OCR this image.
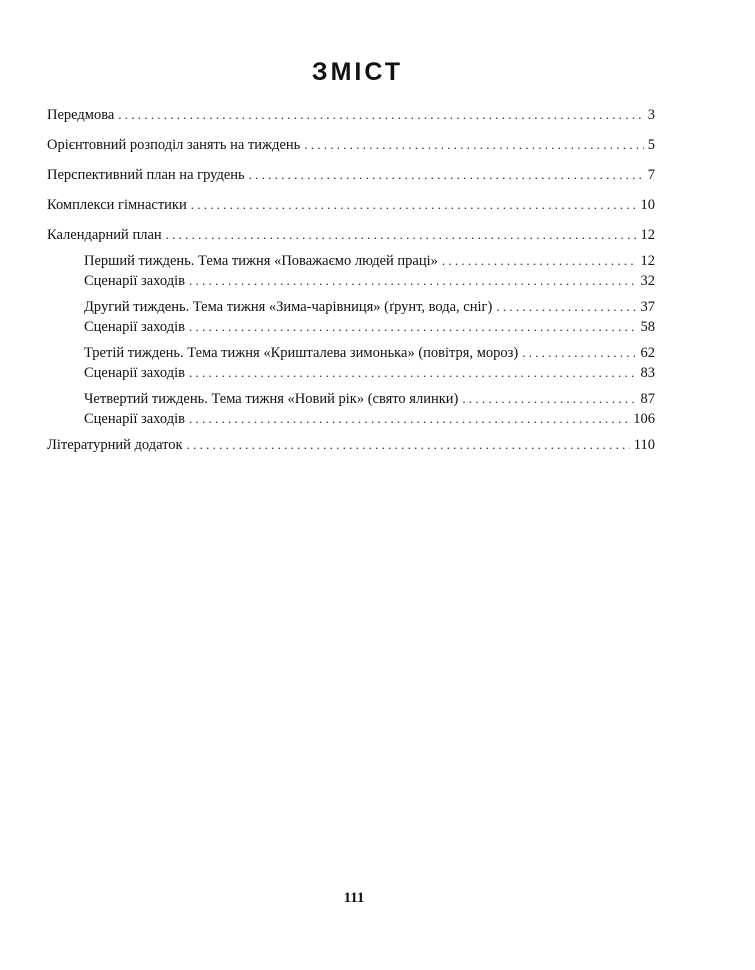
ЗМІСТ
Передмова . . .	3
Орієнтовний розподіл занять на тиждень . . .	5
Перспективний план на грудень . . .	7
Комплекси гімнастики . . .	10
Календарний план . . .	12
Перший тиждень. Тема тижня «Поважаємо людей праці» . . .	12
Сценарії заходів . . .	32
Другий тиждень. Тема тижня «Зима-чарівниця» (ґрунт, вода, сніг) . . .	37
Сценарії заходів . . .	58
Третій тиждень. Тема тижня «Кришталева зимонька» (повітря, мороз) . . .	62
Сценарії заходів . . .	83
Четвертий тиждень. Тема тижня «Новий рік» (свято ялинки) . . .	87
Сценарії заходів . . .	106
Літературний додаток . . .	110
111
